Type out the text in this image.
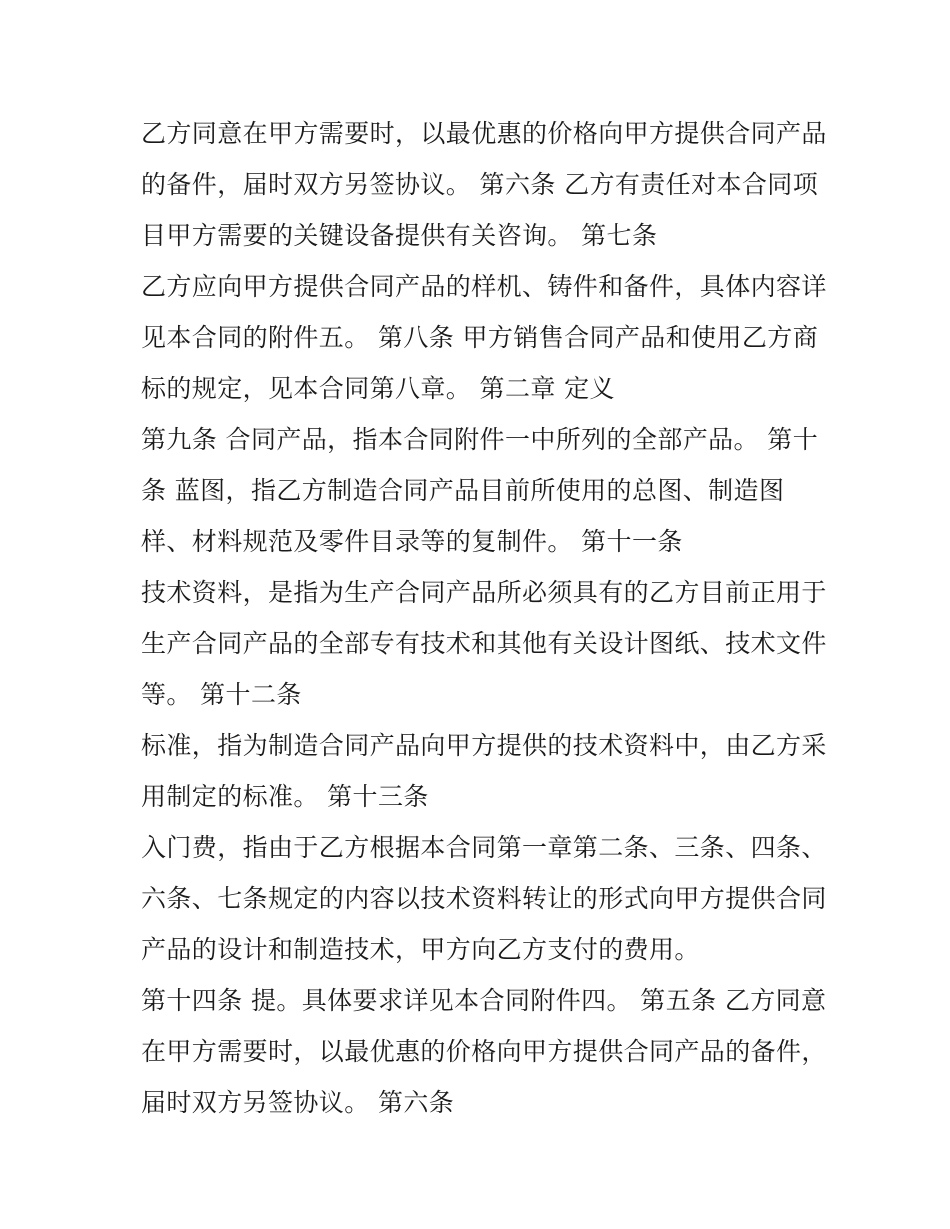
乙方同意在甲方需要时，以最优惠的价格向甲方提供合同产品
的备件，届时双方另签协议。 第六条 乙方有责任对本合同项
目甲方需要的关键设备提供有关咨询。 第七条
乙方应向甲方提供合同产品的样机、铸件和备件，具体内容详
见本合同的附件五。 第八条 甲方销售合同产品和使用乙方商
标的规定，见本合同第八章。 第二章 定义
第九条 合同产品，指本合同附件一中所列的全部产品。 第十
条 蓝图，指乙方制造合同产品目前所使用的总图、制造图
样、材料规范及零件目录等的复制件。 第十一条
技术资料，是指为生产合同产品所必须具有的乙方目前正用于
生产合同产品的全部专有技术和其他有关设计图纸、技术文件
等。 第十二条
标准，指为制造合同产品向甲方提供的技术资料中，由乙方采
用制定的标准。 第十三条
入门费，指由于乙方根据本合同第一章第二条、三条、四条、
六条、七条规定的内容以技术资料转让的形式向甲方提供合同
产品的设计和制造技术，甲方向乙方支付的费用。
第十四条 提。具体要求详见本合同附件四。 第五条 乙方同意
在甲方需要时，以最优惠的价格向甲方提供合同产品的备件，
届时双方另签协议。 第六条
